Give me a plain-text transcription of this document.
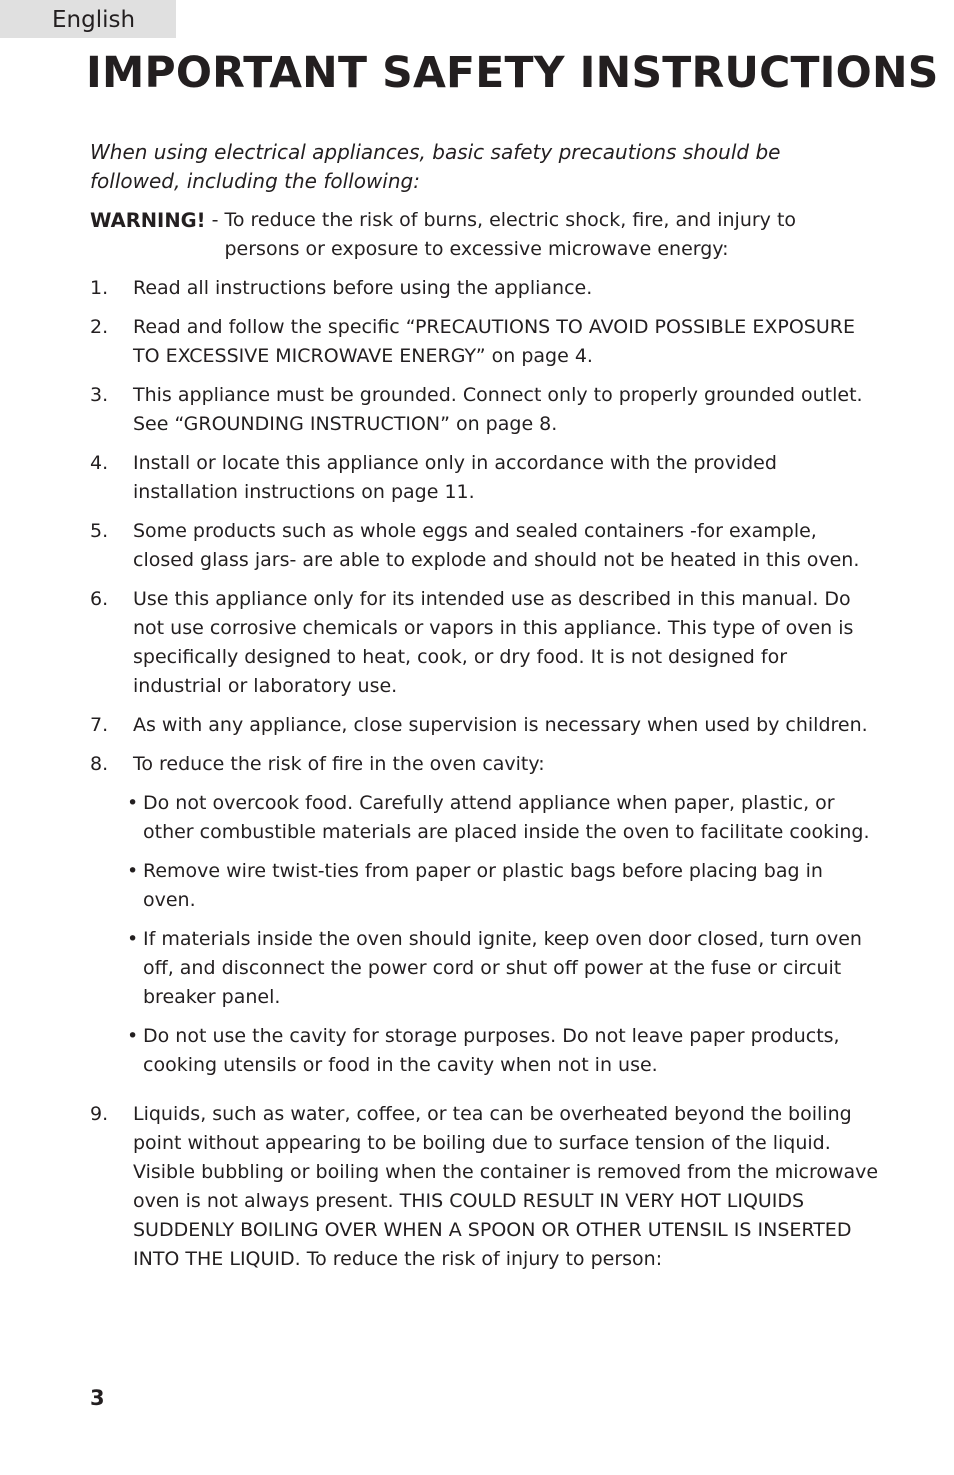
English
IMPORTANT SAFETY INSTRUCTIONS

When using electrical appliances, basic safety precautions should be followed, including the following:

WARNING! - To reduce the risk of burns, electric shock, fire, and injury to
persons or exposure to excessive microwave energy:
1.	Read all instructions before using the appliance.
2.	Read and follow the specific “PRECAUTIONS TO AVOID POSSIBLE EXPOSURE TO EXCESSIVE MICROWAVE ENERGY” on page 4.
3.	This appliance must be grounded. Connect only to properly grounded outlet. See “GROUNDING INSTRUCTION” on page 8.
4.	Install or locate this appliance only in accordance with the provided installation instructions on page 11.
5.	Some products such as whole eggs and sealed containers -for example, closed glass jars- are able to explode and should not be heated in this oven.
6.	Use this appliance only for its intended use as described in this manual. Do not use corrosive chemicals or vapors in this appliance. This type of oven is specifically designed to heat, cook, or dry food. It is not designed for industrial or laboratory use.
7.	As with any appliance, close supervision is necessary when used by children.
8.	To reduce the risk of fire in the oven cavity:
• Do not overcook food. Carefully attend appliance when paper, plastic, or other combustible materials are placed inside the oven to facilitate cooking.
• Remove wire twist-ties from paper or plastic bags before placing bag in oven.
• If materials inside the oven should ignite, keep oven door closed, turn oven off, and disconnect the power cord or shut off power at the fuse or circuit breaker panel.
• Do not use the cavity for storage purposes. Do not leave paper products, cooking utensils or food in the cavity when not in use.
9.	Liquids, such as water, coffee, or tea can be overheated beyond the boiling point without appearing to be boiling due to surface tension of the liquid. Visible bubbling or boiling when the container is removed from the microwave oven is not always present. THIS COULD RESULT IN VERY HOT LIQUIDS SUDDENLY BOILING OVER WHEN A SPOON OR OTHER UTENSIL IS INSERTED INTO THE LIQUID. To reduce the risk of injury to person:
3
